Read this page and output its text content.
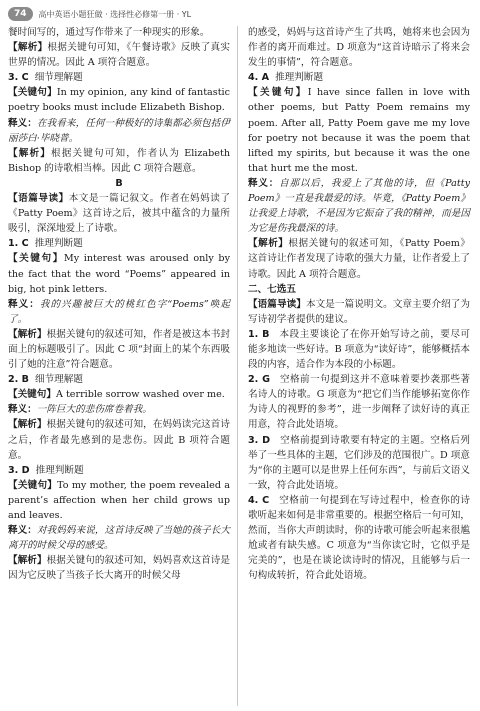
74	高中英语小题狂做 · 选择性必修第一册 · YL

餐时间写的，通过写作带来了一种现实的形象。

【解析】根据关键句可知，《午餐诗歌》反映了真实世界的情况。因此 A 项符合题意。

3. C 细节理解题

【关键句】In my opinion, any kind of fantastic poetry books must include Elizabeth Bishop.

释义：在我看来，任何一种极好的诗集都必须包括伊丽莎白·毕晓普。

【解析】根据关键句可知，作者认为 Elizabeth Bishop 的诗歌相当棒。因此 C 项符合题意。

B

【语篇导读】本文是一篇记叙文。作者在妈妈读了《Patty Poem》这首诗之后，被其中蕴含的力量所吸引，深深地爱上了诗歌。

1. C 推理判断题

【关键句】My interest was aroused only by the fact that the word “Poems” appeared in big, hot pink letters.

释义：我的兴趣被巨大的桃红色字“Poems”唤起了。

【解析】根据关键句的叙述可知，作者是被这本书封面上的标题吸引了。因此 C 项“封面上的某个东西吸引了她的注意”符合题意。

2. B 细节理解题

【关键句】A terrible sorrow washed over me.

释义：一阵巨大的悲伤席卷着我。

【解析】根据关键句的叙述可知，在妈妈读完这首诗之后，作者最先感到的是悲伤。因此 B 项符合题意。

3. D 推理判断题

【关键句】To my mother, the poem revealed a parent’s affection when her child grows up and leaves.

释义：对我妈妈来说，这首诗反映了当她的孩子长大离开的时候父母的感受。

【解析】根据关键句的叙述可知，妈妈喜欢这首诗是因为它反映了当孩子长大离开的时候父母

的感受，妈妈与这首诗产生了共鸣，她将来也会因为作者的离开而难过。D 项意为“这首诗暗示了将来会发生的事情”，符合题意。

4. A 推理判断题

【关键句】I have since fallen in love with other poems, but Patty Poem remains my poem. After all, Patty Poem gave me my love for poetry not because it was the poem that lifted my spirits, but because it was the one that hurt me the most.

释义：自那以后，我爱上了其他的诗，但《Patty Poem》一直是我最爱的诗。毕竟，《Patty Poem》让我爱上诗歌，不是因为它振奋了我的精神，而是因为它是伤我最深的诗。

【解析】根据关键句的叙述可知，《Patty Poem》这首诗让作者发现了诗歌的强大力量，让作者爱上了诗歌。因此 A 项符合题意。

二、七选五

【语篇导读】本文是一篇说明文。文章主要介绍了为写诗初学者提供的建议。

1. B  本段主要谈论了在你开始写诗之前，要尽可能多地读一些好诗。B 项意为“读好诗”，能够概括本段的内容，适合作为本段的小标题。

2. G  空格前一句提到这并不意味着要抄袭那些著名诗人的诗歌。G 项意为“把它们当作能够拓宽你作为诗人的视野的参考”，进一步阐释了读好诗的真正用意，符合此处语境。

3. D  空格前提到诗歌要有特定的主题。空格后列举了一些具体的主题，它们涉及的范围很广。D 项意为“你的主题可以是世界上任何东西”，与前后文语义一致，符合此处语境。

4. C  空格前一句提到在写诗过程中，检查你的诗歌听起来如何是非常重要的。根据空格后一句可知，然而，当你大声朗读时，你的诗歌可能会听起来很尴尬或者有缺失感。C 项意为“当你读它时，它似乎是完美的”，也是在谈论读诗时的情况，且能够与后一句构成转折，符合此处语境。
